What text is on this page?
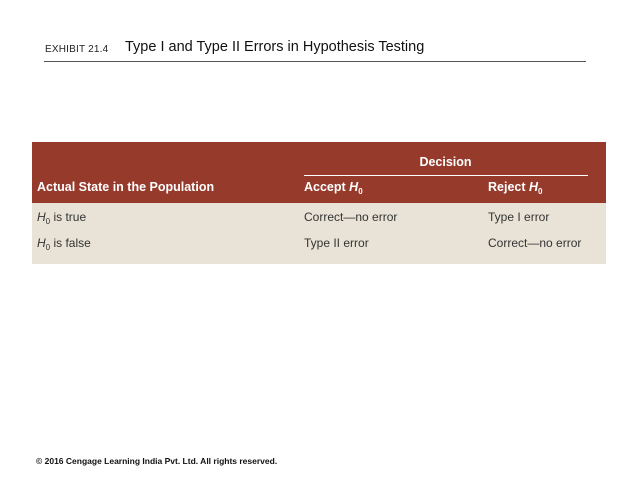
EXHIBIT 21.4 Type I and Type II Errors in Hypothesis Testing
Decision
Actual State in the Population	Accept $H_0$	Reject $H_0$
$H_0$ is true	Correct—no error	Type I error
$H_0$ is false	Type II error	Correct—no error
© 2016 Cengage Learning India Pvt. Ltd. All rights reserved.
